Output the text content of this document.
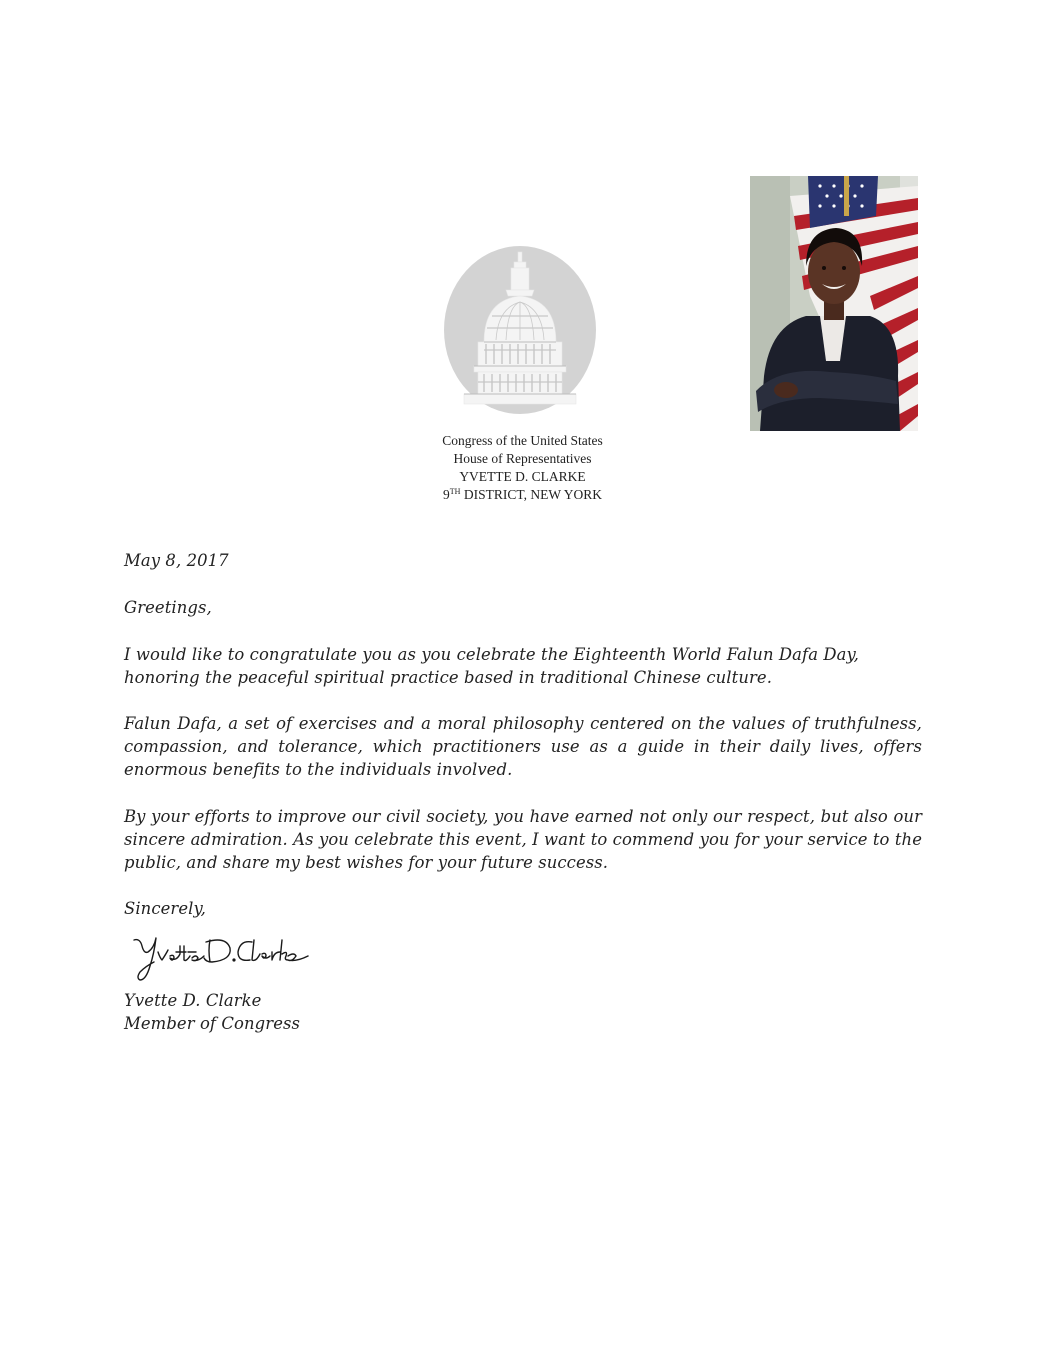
Congress of the United States
House of Representatives
YVETTE D. CLARKE
9TH DISTRICT, NEW YORK
May 8, 2017
Greetings,
I would like to congratulate you as you celebrate the Eighteenth World Falun Dafa Day, honoring the peaceful spiritual practice based in traditional Chinese culture.
Falun Dafa, a set of exercises and a moral philosophy centered on the values of truthfulness, compassion, and tolerance, which practitioners use as a guide in their daily lives, offers enormous benefits to the individuals involved.
By your efforts to improve our civil society, you have earned not only our respect, but also our sincere admiration. As you celebrate this event, I want to commend you for your service to the public, and share my best wishes for your future success.
Sincerely,
Yvette D. Clarke
Member of Congress
